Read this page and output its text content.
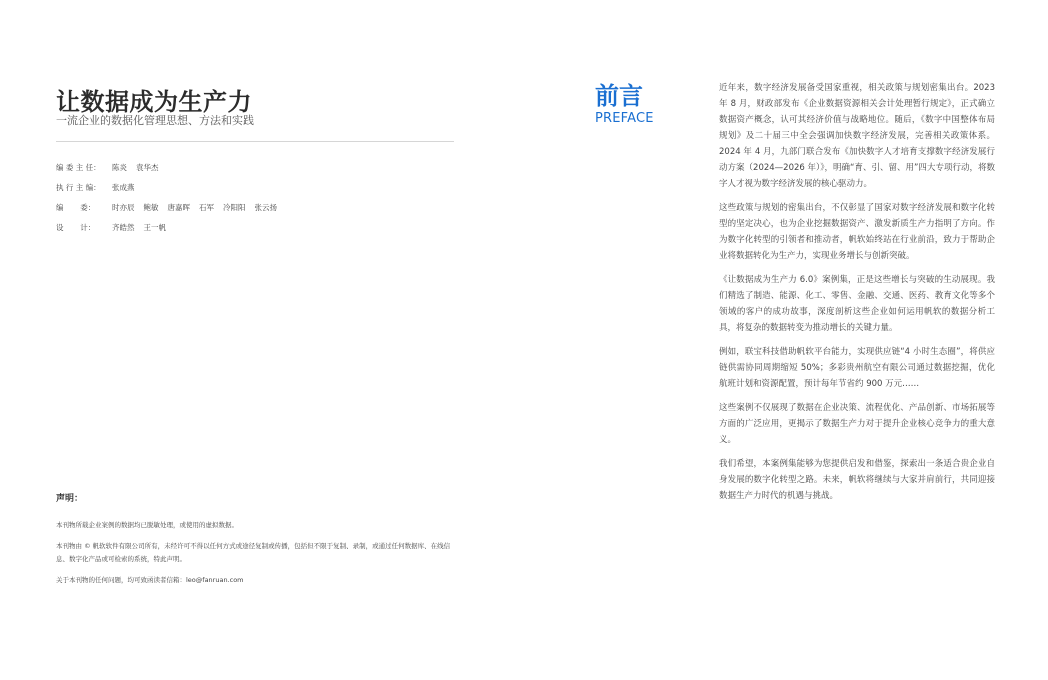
让数据成为生产力
一流企业的数据化管理思想、方法和实践
编 委 主 任：	陈炎 袁华杰
执 行 主 编：	张成燕
编       委：	时亦辰 鲍敏 唐嘉晖 石军 冷阳阳 张云扬
设       计：	齐皓然 王一帆
声明：

本刊物所载企业案例的数据均已脱敏处理，或使用的虚拟数据。

本刊物由 © 帆软软件有限公司所有，未经许可不得以任何方式或途径复制或传播，包括但不限于复制、录制，或通过任何数据库、在线信息、数字化产品或可检索的系统，特此声明。

关于本刊物的任何问题，均可致函读者信箱：leo@fanruan.com

前言
PREFACE

近年来，数字经济发展备受国家重视，相关政策与规划密集出台。2023 年 8 月，财政部发布《企业数据资源相关会计处理暂行规定》，正式确立数据资产概念，认可其经济价值与战略地位。随后，《数字中国整体布局规划》及二十届三中全会强调加快数字经济发展，完善相关政策体系。2024 年 4 月，九部门联合发布《加快数字人才培育支撑数字经济发展行动方案（2024—2026 年）》，明确“育、引、留、用”四大专项行动，将数字人才视为数字经济发展的核心驱动力。

这些政策与规划的密集出台，不仅彰显了国家对数字经济发展和数字化转型的坚定决心，也为企业挖掘数据资产、激发新质生产力指明了方向。作为数字化转型的引领者和推动者，帆软始终站在行业前沿，致力于帮助企业将数据转化为生产力，实现业务增长与创新突破。

《让数据成为生产力 6.0》案例集，正是这些增长与突破的生动展现。我们精选了制造、能源、化工、零售、金融、交通、医药、教育文化等多个领域的客户的成功故事，深度剖析这些企业如何运用帆软的数据分析工具，将复杂的数据转变为推动增长的关键力量。

例如，联宝科技借助帆软平台能力，实现供应链“4 小时生态圈”，将供应链供需协同周期缩短 50%；多彩贵州航空有限公司通过数据挖掘，优化航班计划和资源配置，预计每年节省约 900 万元……

这些案例不仅展现了数据在企业决策、流程优化、产品创新、市场拓展等方面的广泛应用，更揭示了数据生产力对于提升企业核心竞争力的重大意义。

我们希望，本案例集能够为您提供启发和借鉴，探索出一条适合贵企业自身发展的数字化转型之路。未来，帆软将继续与大家并肩前行，共同迎接数据生产力时代的机遇与挑战。
